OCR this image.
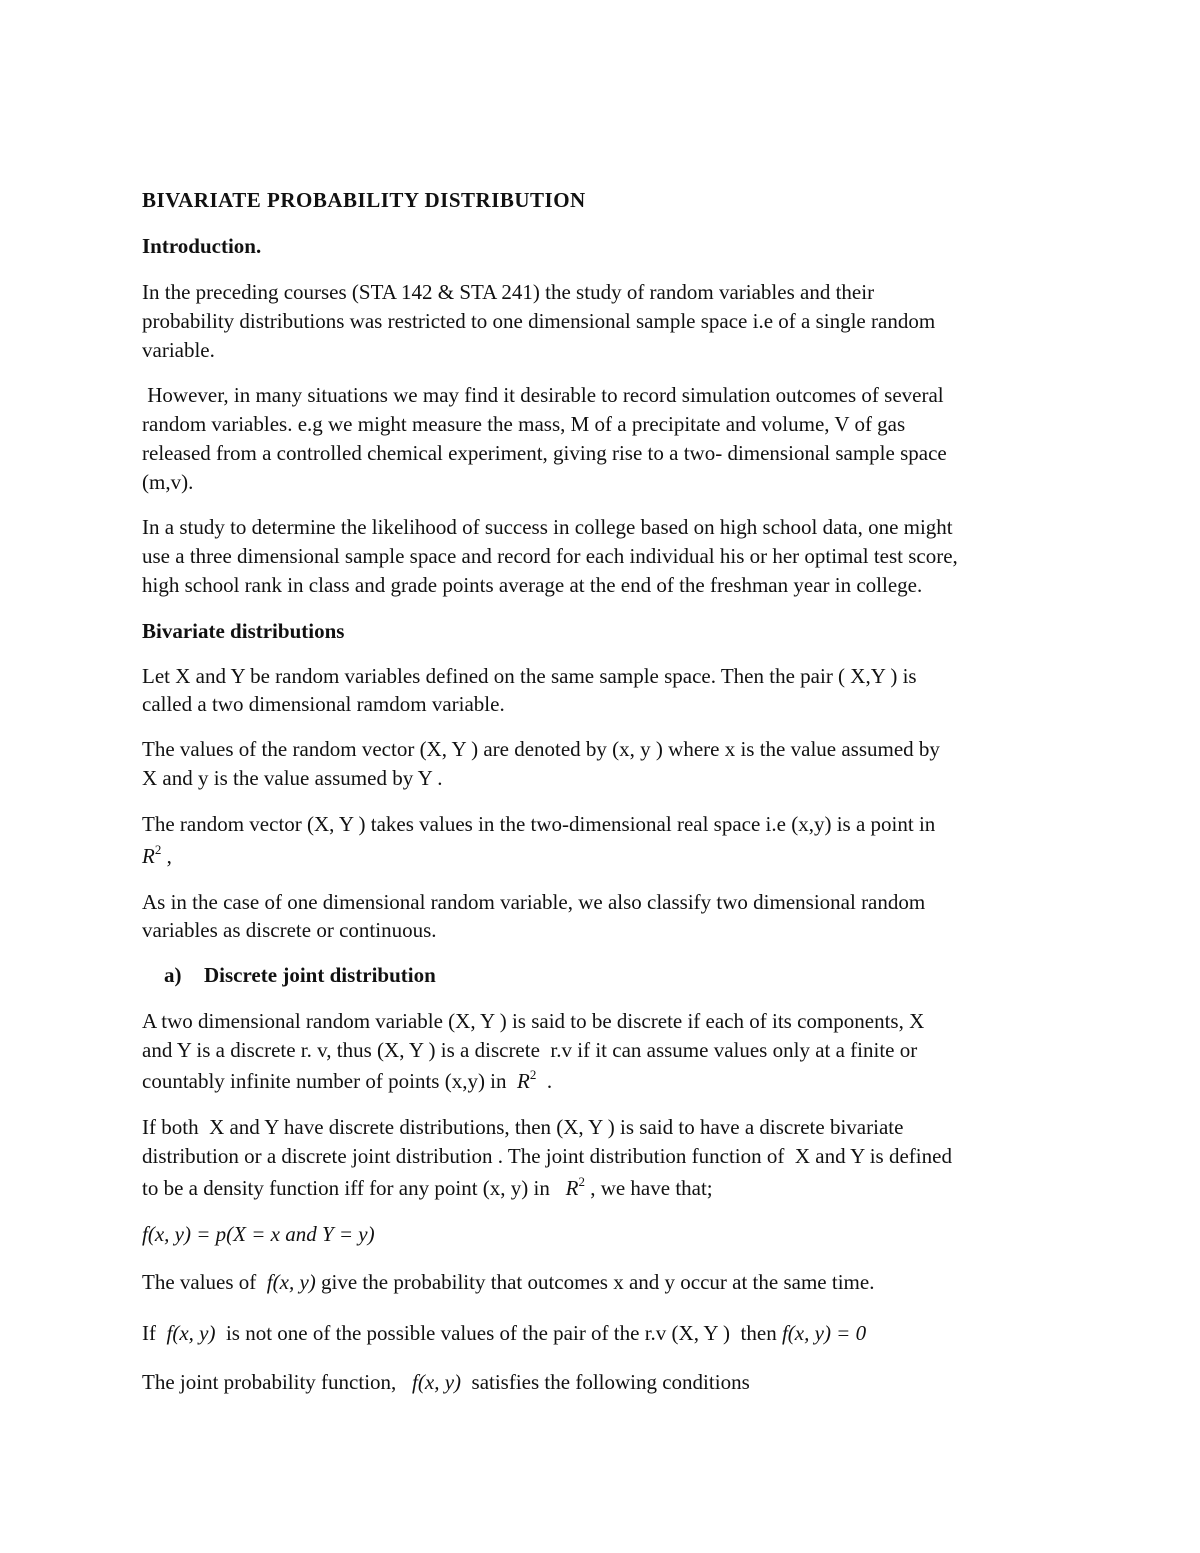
BIVARIATE PROBABILITY DISTRIBUTION

Introduction.

In the preceding courses (STA 142 & STA 241) the study of random variables and their

probability distributions was restricted to one dimensional sample space i.e of a single random

variable.

However, in many situations we may find it desirable to record simulation outcomes of several

random variables. e.g we might measure the mass, M of a precipitate and volume, V of gas

released from a controlled chemical experiment, giving rise to a two- dimensional sample space

(m,v).

In a study to determine the likelihood of success in college based on high school data, one might

use a three dimensional sample space and record for each individual his or her optimal test score,

high school rank in class and grade points average at the end of the freshman year in college.

Bivariate distributions

Let X and Y be random variables defined on the same sample space. Then the pair ( X,Y ) is

called a two dimensional ramdom variable.

The values of the random vector (X, Y ) are denoted by (x, y ) where x is the value assumed by

X and y is the value assumed by Y .

The random vector (X, Y ) takes values in the two-dimensional real space i.e (x,y) is a point in

$R^2$ ,

As in the case of one dimensional random variable, we also classify two dimensional random

variables as discrete or continuous.

a) Discrete joint distribution

A two dimensional random variable (X, Y ) is said to be discrete if each of its components, X

and Y is a discrete r. v, thus (X, Y ) is a discrete  r.v if it can assume values only at a finite or

countably infinite number of points (x,y) in  $R^2$  .

If both  X and Y have discrete distributions, then (X, Y ) is said to have a discrete bivariate

distribution or a discrete joint distribution . The joint distribution function of  X and Y is defined

to be a density function iff for any point (x, y) in   $R^2$ , we have that;

f(x, y) = p(X = x and Y = y)

The values of  f(x, y) give the probability that outcomes x and y occur at the same time.

If  f(x, y)  is not one of the possible values of the pair of the r.v (X, Y )  then f(x, y) = 0

The joint probability function,   f(x, y)  satisfies the following conditions
